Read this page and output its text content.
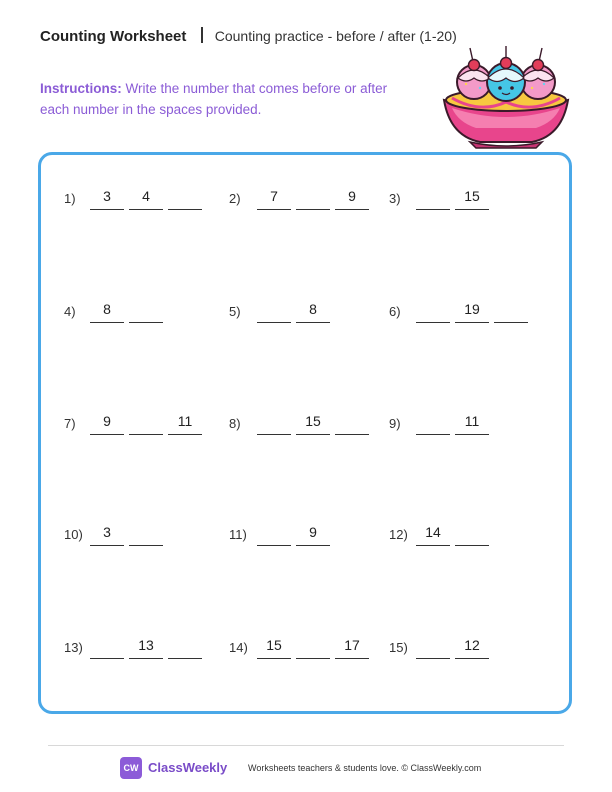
Counting Worksheet Counting practice - before / after (1-20)
Instructions: Write the number that comes before or after each number in the spaces provided.
1)	3	4	2)	7	9	3)	15
4)	8	5)	8	6)	19
7)	9	11	8)	15	9)	11
10)	3	11)	9	12)	14
13)	13	14)	15	17	15)	12
CW ClassWeekly Worksheets teachers & students love. © ClassWeekly.com
